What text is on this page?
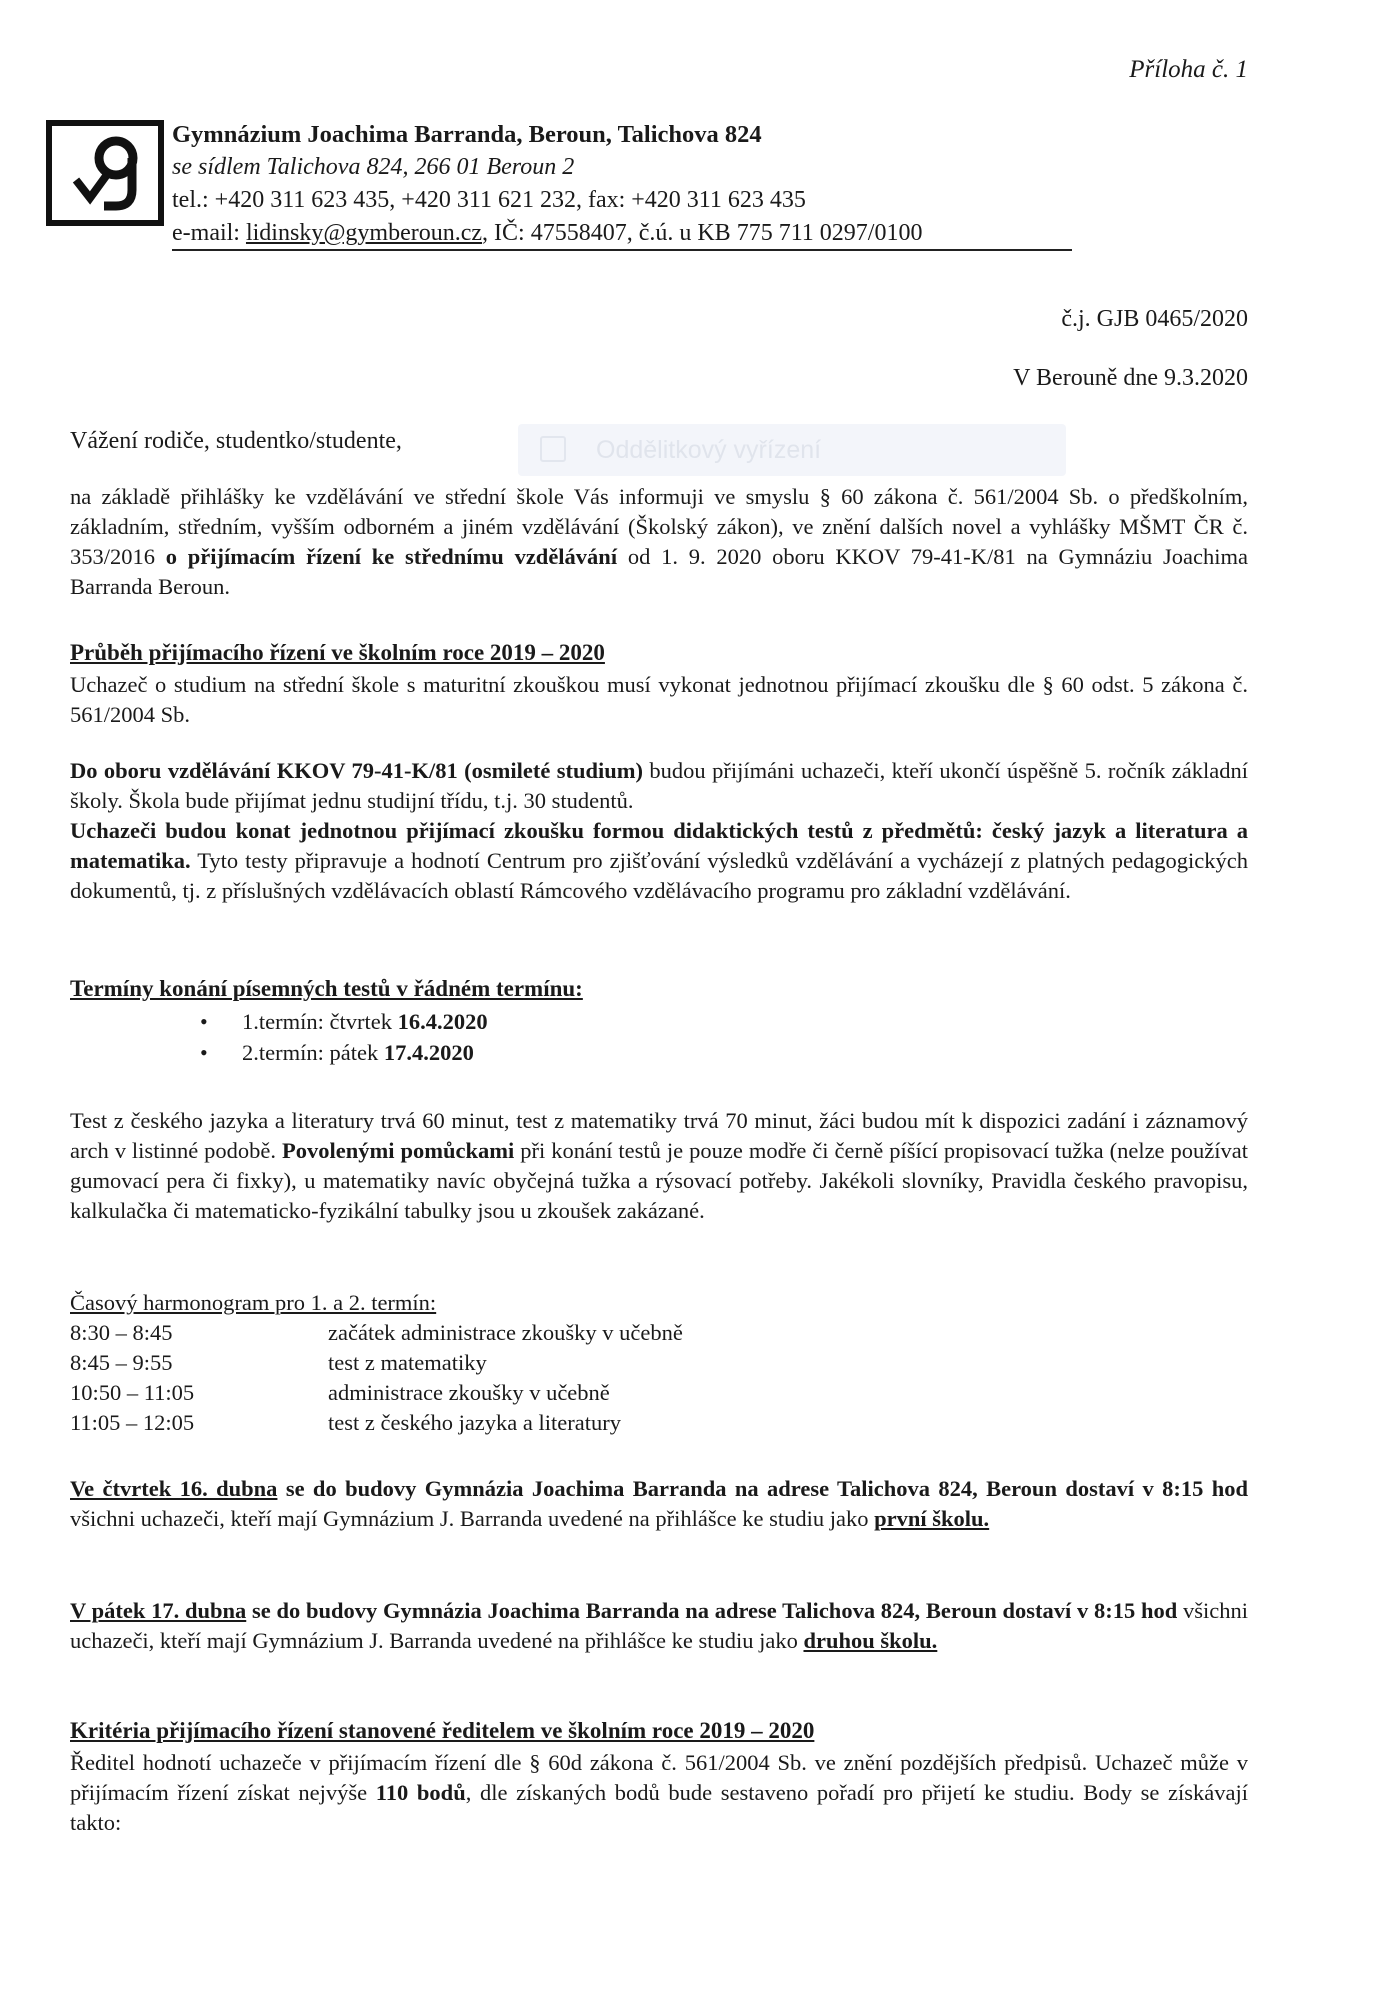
Příloha č. 1
Gymnázium Joachima Barranda, Beroun, Talichova 824
se sídlem Talichova 824, 266 01 Beroun 2
tel.: +420 311 623 435, +420 311 621 232, fax: +420 311 623 435
e-mail: lidinsky@gymberoun.cz, IČ: 47558407, č.ú. u KB 775 711 0297/0100
č.j. GJB 0465/2020
V Berouně dne 9.3.2020
Vážení rodiče, studentko/studente,	Oddělitkový vyřízení
na základě přihlášky ke vzdělávání ve střední škole Vás informuji ve smyslu § 60 zákona č. 561/2004 Sb. o předškolním, základním, středním, vyšším odborném a jiném vzdělávání (Školský zákon), ve znění dalších novel a vyhlášky MŠMT ČR č. 353/2016 o přijímacím řízení ke střednímu vzdělávání od 1. 9. 2020 oboru KKOV 79-41-K/81 na Gymnáziu Joachima Barranda Beroun.
Průběh přijímacího řízení ve školním roce 2019 – 2020
Uchazeč o studium na střední škole s maturitní zkouškou musí vykonat jednotnou přijímací zkoušku dle § 60 odst. 5 zákona č. 561/2004 Sb.
Do oboru vzdělávání KKOV 79-41-K/81 (osmileté studium) budou přijímáni uchazeči, kteří ukončí úspěšně 5. ročník základní školy. Škola bude přijímat jednu studijní třídu, t.j. 30 studentů.
Uchazeči budou konat jednotnou přijímací zkoušku formou didaktických testů z předmětů: český jazyk a literatura a matematika. Tyto testy připravuje a hodnotí Centrum pro zjišťování výsledků vzdělávání a vycházejí z platných pedagogických dokumentů, tj. z příslušných vzdělávacích oblastí Rámcového vzdělávacího programu pro základní vzdělávání.
Termíny konání písemných testů v řádném termínu:
• 1.termín: čtvrtek 16.4.2020
• 2.termín: pátek 17.4.2020
Test z českého jazyka a literatury trvá 60 minut, test z matematiky trvá 70 minut, žáci budou mít k dispozici zadání i záznamový arch v listinné podobě. Povolenými pomůckami při konání testů je pouze modře či černě píšící propisovací tužka (nelze používat gumovací pera či fixky), u matematiky navíc obyčejná tužka a rýsovací potřeby. Jakékoli slovníky, Pravidla českého pravopisu, kalkulačka či matematicko-fyzikální tabulky jsou u zkoušek zakázané.
Časový harmonogram pro 1. a 2. termín:
8:30 – 8:45	začátek administrace zkoušky v učebně
8:45 – 9:55	test z matematiky
10:50 – 11:05	administrace zkoušky v učebně
11:05 – 12:05	test z českého jazyka a literatury
Ve čtvrtek 16. dubna se do budovy Gymnázia Joachima Barranda na adrese Talichova 824, Beroun dostaví v 8:15 hod všichni uchazeči, kteří mají Gymnázium J. Barranda uvedené na přihlášce ke studiu jako první školu.
V pátek 17. dubna se do budovy Gymnázia Joachima Barranda na adrese Talichova 824, Beroun dostaví v 8:15 hod všichni uchazeči, kteří mají Gymnázium J. Barranda uvedené na přihlášce ke studiu jako druhou školu.
Kritéria přijímacího řízení stanovené ředitelem ve školním roce 2019 – 2020
Ředitel hodnotí uchazeče v přijímacím řízení dle § 60d zákona č. 561/2004 Sb. ve znění pozdějších předpisů. Uchazeč může v přijímacím řízení získat nejvýše 110 bodů, dle získaných bodů bude sestaveno pořadí pro přijetí ke studiu. Body se získávají takto:
